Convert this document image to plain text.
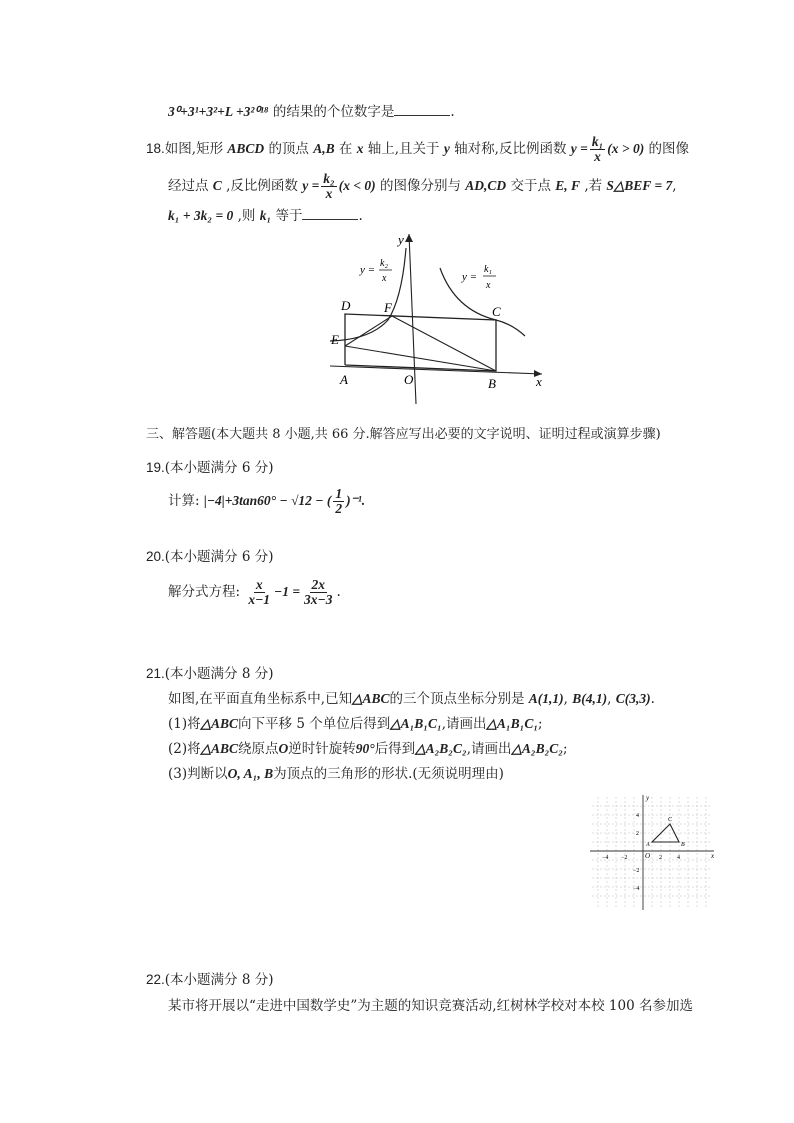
3⁰+3¹+3²+L +3²⁰¹⁸ 的结果的个位数字是	.
18.如图,矩形 ABCD 的顶点 A,B 在 x 轴上,且关于 y 轴对称,反比例函数 $y = \frac{\text{k₁}}{x} (x > 0)$ 的图像
经过点 C ,反比例函数 $y = \frac{\text{k₂}}{x} (x < 0)$ 的图像分别与 AD,CD 交于点 E, F ,若 S△BEF = 7,
k₁ + 3k₂ = 0 ,则 k₁ 等于	.
y
x
y =
k₂
x	y =
k₁
x
A	B
C
D
E
F
O
三、解答题(本大题共 8 小题,共 66 分.解答应写出必要的文字说明、证明过程或演算步骤)
19.(本小题满分 6 分)
计算: |−4|+3tan60° − √12 − ( $\frac{1}{2} )^{-1}$.
20.(本小题满分 6 分)
解分式方程: $\frac{x}{x-1} -1 = \frac{2x}{3x-3}$ .
21.(本小题满分 8 分)
如图,在平面直角坐标系中,已知△ABC的三个顶点坐标分别是 A(1,1), B(4,1), C(3,3).
(1)将△ABC向下平移 5 个单位后得到△A₁B₁C₁,请画出△A₁B₁C₁;
(2)将△ABC绕原点O逆时针旋转90°后得到△A₂B₂C₂,请画出△A₂B₂C₂;
(3)判断以O, A₁, B为顶点的三角形的形状.(无须说明理由)
y
x
O
A	B
C
−4 −2	2	4
4
2
−2
−4
22.(本小题满分 8 分)
某市将开展以“走进中国数学史”为主题的知识竞赛活动,红树林学校对本校 100 名参加选
